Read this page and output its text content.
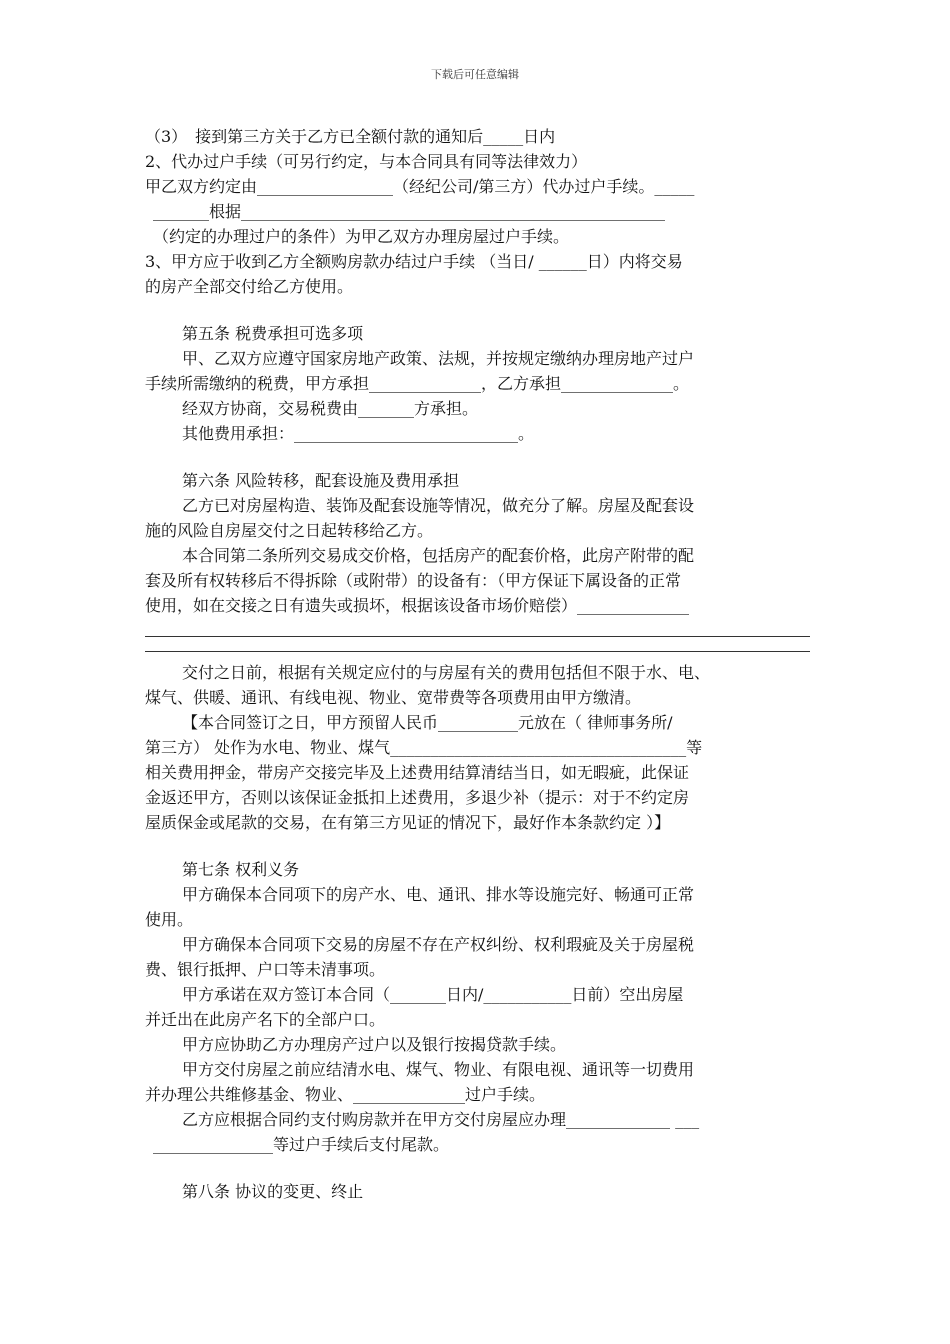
下载后可任意编辑
（3）　接到第三方关于乙方已全额付款的通知后_____日内
2、代办过户手续（可另行约定，与本合同具有同等法律效力）
甲乙双方约定由_________________（经纪公司/第三方）代办过户手续。_____
_______根据_____________________________________________________
（约定的办理过户的条件）为甲乙双方办理房屋过户手续。
3、甲方应于收到乙方全额购房款办结过户手续 （当日/ ______日）内将交易
的房产全部交付给乙方使用。
第五条 税费承担可选多项
甲、乙双方应遵守国家房地产政策、法规，并按规定缴纳办理房地产过户
手续所需缴纳的税费，甲方承担______________，乙方承担______________。
经双方协商，交易税费由_______方承担。
其他费用承担：____________________________。
第六条 风险转移，配套设施及费用承担
乙方已对房屋构造、装饰及配套设施等情况，做充分了解。房屋及配套设
施的风险自房屋交付之日起转移给乙方。
本合同第二条所列交易成交价格，包括房产的配套价格，此房产附带的配
套及所有权转移后不得拆除（或附带）的设备有：（甲方保证下属设备的正常
使用，如在交接之日有遗失或损坏，根据该设备市场价赔偿）______________
交付之日前，根据有关规定应付的与房屋有关的费用包括但不限于水、电、
煤气、供暖、通讯、有线电视、物业、宽带费等各项费用由甲方缴清。
【本合同签订之日，甲方预留人民币__________元放在（ 律师事务所/
第三方） 处作为水电、物业、煤气_____________________________________等
相关费用押金，带房产交接完毕及上述费用结算清结当日，如无暇疵，此保证
金返还甲方，否则以该保证金抵扣上述费用，多退少补（提示：对于不约定房
屋质保金或尾款的交易，在有第三方见证的情况下，最好作本条款约定 ）】
第七条 权利义务
甲方确保本合同项下的房产水、电、通讯、排水等设施完好、畅通可正常
使用。
甲方确保本合同项下交易的房屋不存在产权纠纷、权利瑕疵及关于房屋税
费、银行抵押、户口等未清事项。
甲方承诺在双方签订本合同（_______日内/___________日前）空出房屋
并迁出在此房产名下的全部户口。
甲方应协助乙方办理房产过户以及银行按揭贷款手续。
甲方交付房屋之前应结清水电、煤气、物业、有限电视、通讯等一切费用
并办理公共维修基金、物业、______________过户手续。
乙方应根据合同约支付购房款并在甲方交付房屋应办理_____________ ___
_______________等过户手续后支付尾款。
第八条 协议的变更、终止
